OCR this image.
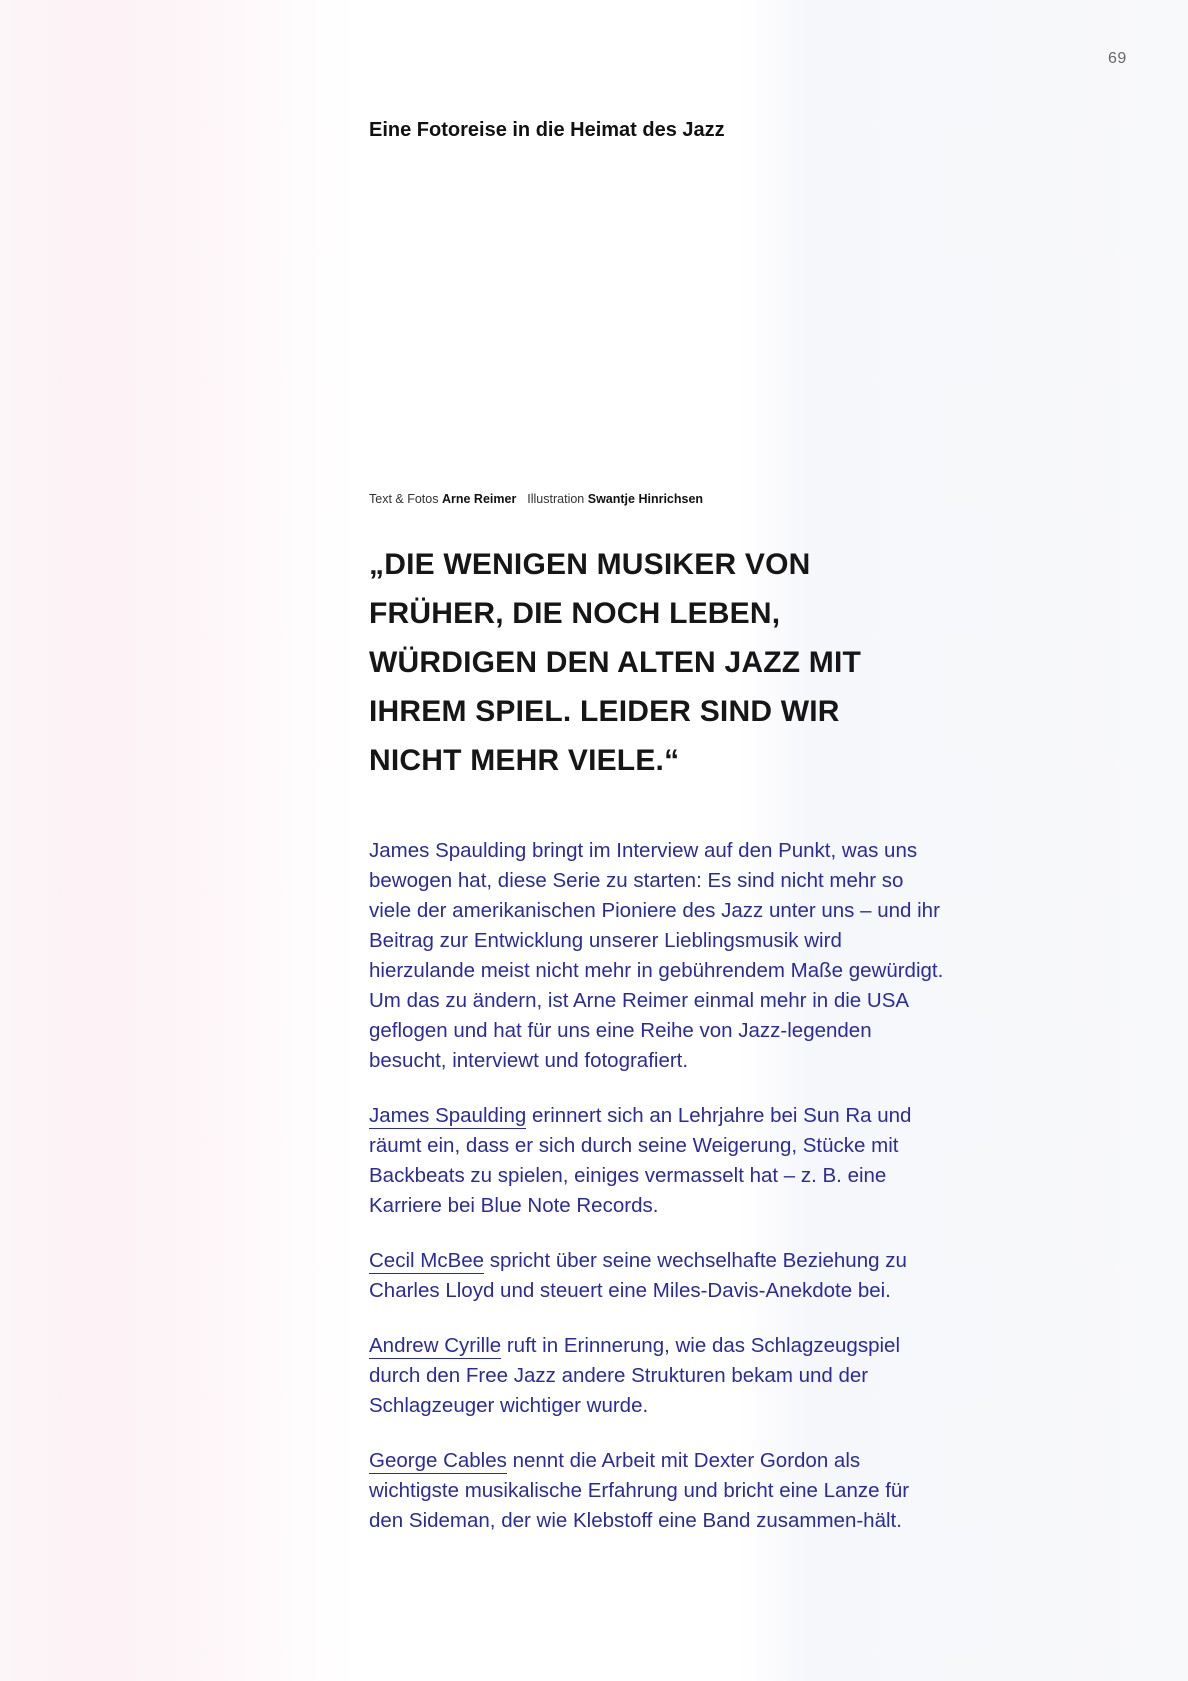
69
Eine Fotoreise in die Heimat des Jazz
Text & Fotos Arne Reimer Illustration Swantje Hinrichsen
„DIE WENIGEN MUSIKER VON
FRÜHER, DIE NOCH LEBEN,
WÜRDIGEN DEN ALTEN JAZZ MIT
IHREM SPIEL. LEIDER SIND WIR
NICHT MEHR VIELE.“

James Spaulding bringt im Interview auf den Punkt, was uns bewogen hat, diese Serie zu starten: Es sind nicht mehr so viele der amerikanischen Pioniere des Jazz unter uns – und ihr Beitrag zur Entwicklung unserer Lieblingsmusik wird hierzulande meist nicht mehr in gebührendem Maße gewürdigt. Um das zu ändern, ist Arne Reimer einmal mehr in die USA geflogen und hat für uns eine Reihe von Jazz-legenden besucht, interviewt und fotografiert.

James Spaulding erinnert sich an Lehrjahre bei Sun Ra und räumt ein, dass er sich durch seine Weigerung, Stücke mit Backbeats zu spielen, einiges vermasselt hat – z. B. eine Karriere bei Blue Note Records.

Cecil McBee spricht über seine wechselhafte Beziehung zu Charles Lloyd und steuert eine Miles-Davis-Anekdote bei.

Andrew Cyrille ruft in Erinnerung, wie das Schlagzeugspiel durch den Free Jazz andere Strukturen bekam und der Schlagzeuger wichtiger wurde.

George Cables nennt die Arbeit mit Dexter Gordon als wichtigste musikalische Erfahrung und bricht eine Lanze für den Sideman, der wie Klebstoff eine Band zusammen-hält.
